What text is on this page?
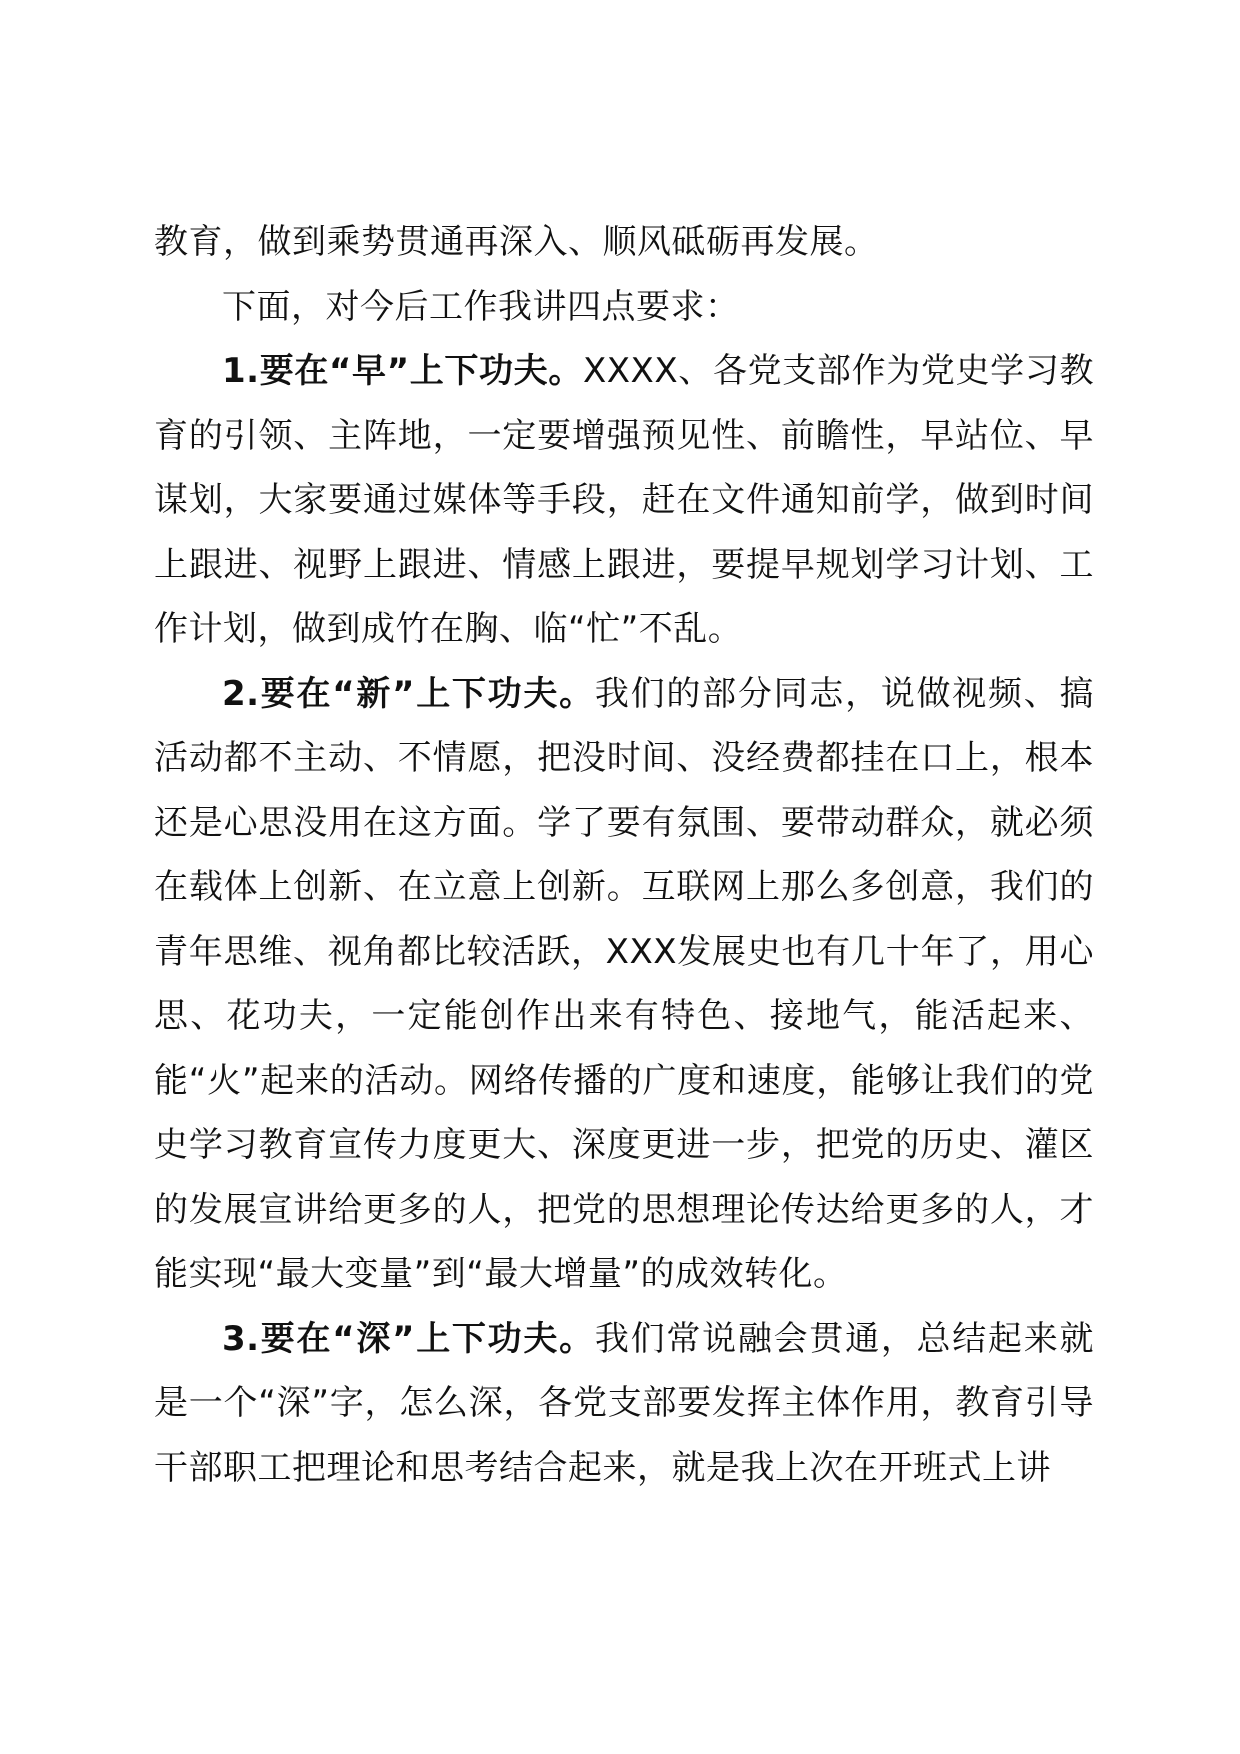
教育，做到乘势贯通再深入、顺风砥砺再发展。

下面，对今后工作我讲四点要求：

1.要在“早”上下功夫。XXXX、各党支部作为党史学习教育的引领、主阵地，一定要增强预见性、前瞻性，早站位、早谋划，大家要通过媒体等手段，赶在文件通知前学，做到时间上跟进、视野上跟进、情感上跟进，要提早规划学习计划、工作计划，做到成竹在胸、临“忙”不乱。

2.要在“新”上下功夫。我们的部分同志，说做视频、搞活动都不主动、不情愿，把没时间、没经费都挂在口上，根本还是心思没用在这方面。学了要有氛围、要带动群众，就必须在载体上创新、在立意上创新。互联网上那么多创意，我们的青年思维、视角都比较活跃，XXX发展史也有几十年了，用心思、花功夫，一定能创作出来有特色、接地气，能活起来、能“火”起来的活动。网络传播的广度和速度，能够让我们的党史学习教育宣传力度更大、深度更进一步，把党的历史、灌区的发展宣讲给更多的人，把党的思想理论传达给更多的人，才能实现“最大变量”到“最大增量”的成效转化。

3.要在“深”上下功夫。我们常说融会贯通，总结起来就是一个“深”字，怎么深，各党支部要发挥主体作用，教育引导干部职工把理论和思考结合起来，就是我上次在开班式上讲
